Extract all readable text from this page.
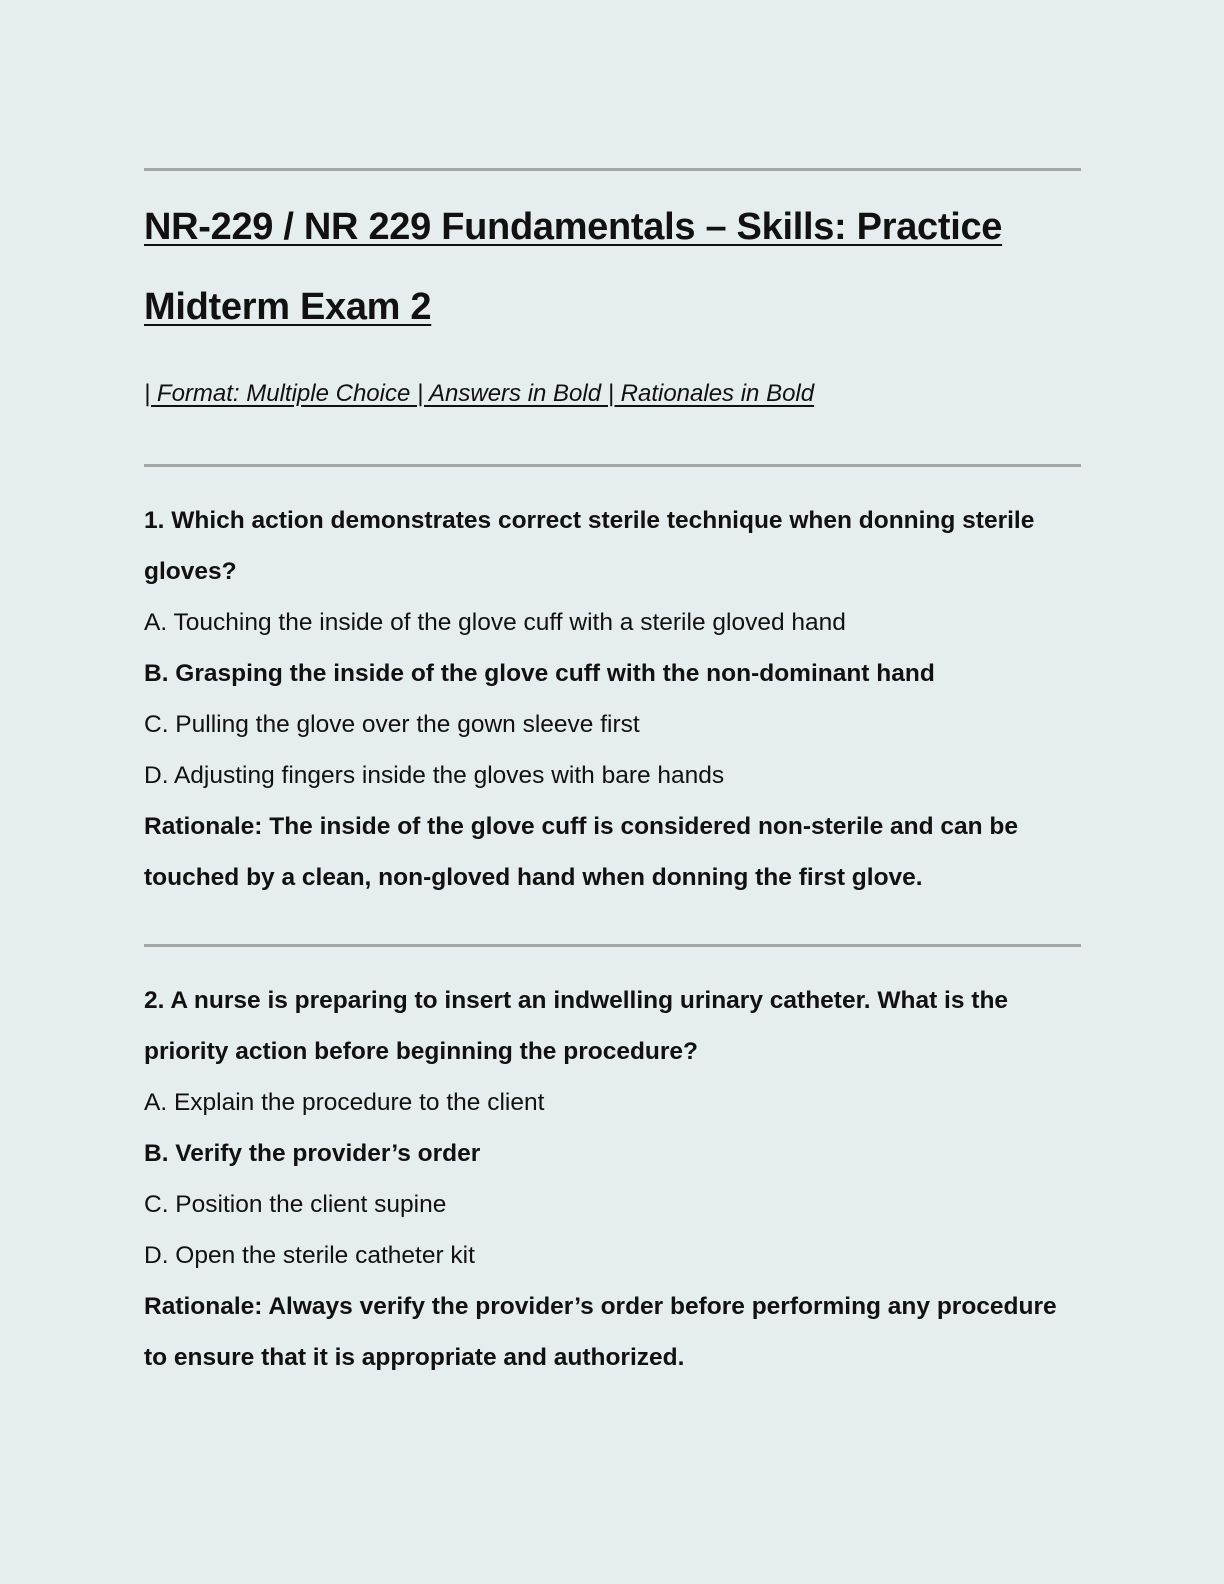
NR-229 / NR 229 Fundamentals – Skills: Practice
Midterm Exam 2
| Format: Multiple Choice | Answers in Bold | Rationales in Bold
1. Which action demonstrates correct sterile technique when donning sterile
gloves?
A. Touching the inside of the glove cuff with a sterile gloved hand
B. Grasping the inside of the glove cuff with the non-dominant hand
C. Pulling the glove over the gown sleeve first
D. Adjusting fingers inside the gloves with bare hands
Rationale: The inside of the glove cuff is considered non-sterile and can be
touched by a clean, non-gloved hand when donning the first glove.
2. A nurse is preparing to insert an indwelling urinary catheter. What is the
priority action before beginning the procedure?
A. Explain the procedure to the client
B. Verify the provider’s order
C. Position the client supine
D. Open the sterile catheter kit
Rationale: Always verify the provider’s order before performing any procedure
to ensure that it is appropriate and authorized.
